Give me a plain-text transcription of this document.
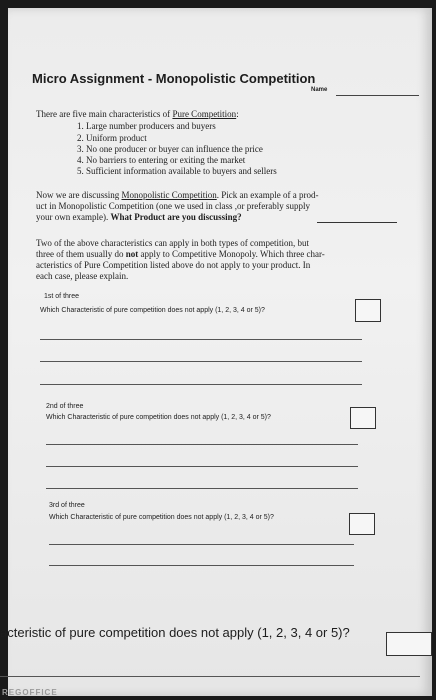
Micro Assignment - Monopolistic Competition
Name
There are five main characteristics of Pure Competition:
1. Large number producers and buyers
2. Uniform product
3. No one producer or buyer can influence the price
4. No barriers to entering or exiting the market
5. Sufficient information available to buyers and sellers
Now we are discussing Monopolistic Competition. Pick an example of a prod-
uct in Monopolistic Competition (one we used in class ,or preferably supply
your own example). What Product are you discussing?
Two of the above characteristics can apply in both types of competition, but
three of them usually do not apply to Competitive Monopoly. Which three char-
acteristics of Pure Competition listed above do not apply to your product. In
each case, please explain.
1st of three
Which Characteristic of pure competition does not apply (1, 2, 3, 4 or 5)?
2nd of three
Which Characteristic of pure competition does not apply (1, 2, 3, 4 or 5)?
3rd of three
Which Characteristic of pure competition does not apply (1, 2, 3, 4 or 5)?
acteristic of pure competition does not apply (1, 2, 3, 4 or 5)?
REGOFFICE
